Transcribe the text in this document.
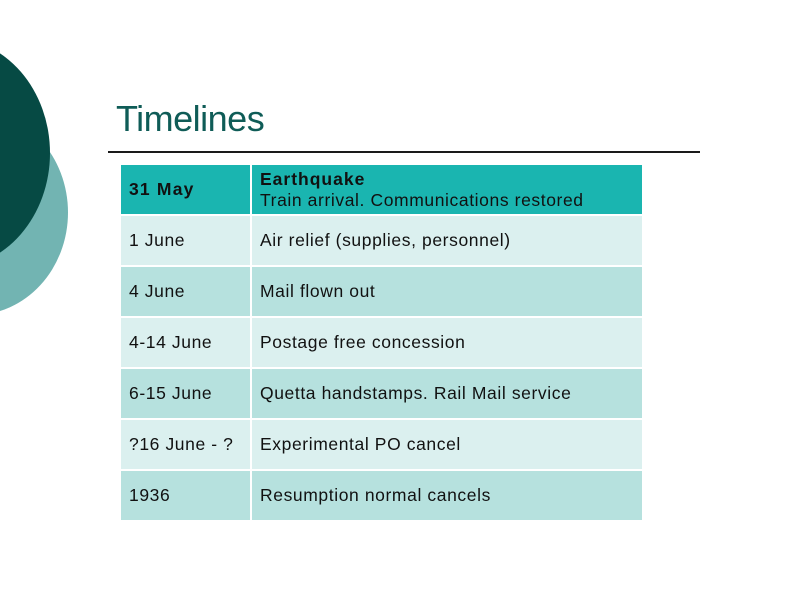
Timelines
31 May	Earthquake
Train arrival. Communications restored

1 June	Air relief (supplies, personnel)
4 June	Mail flown out
4-14 June	Postage free concession
6-15 June	Quetta handstamps. Rail Mail service
?16 June - ?	Experimental PO cancel
1936	Resumption normal cancels
